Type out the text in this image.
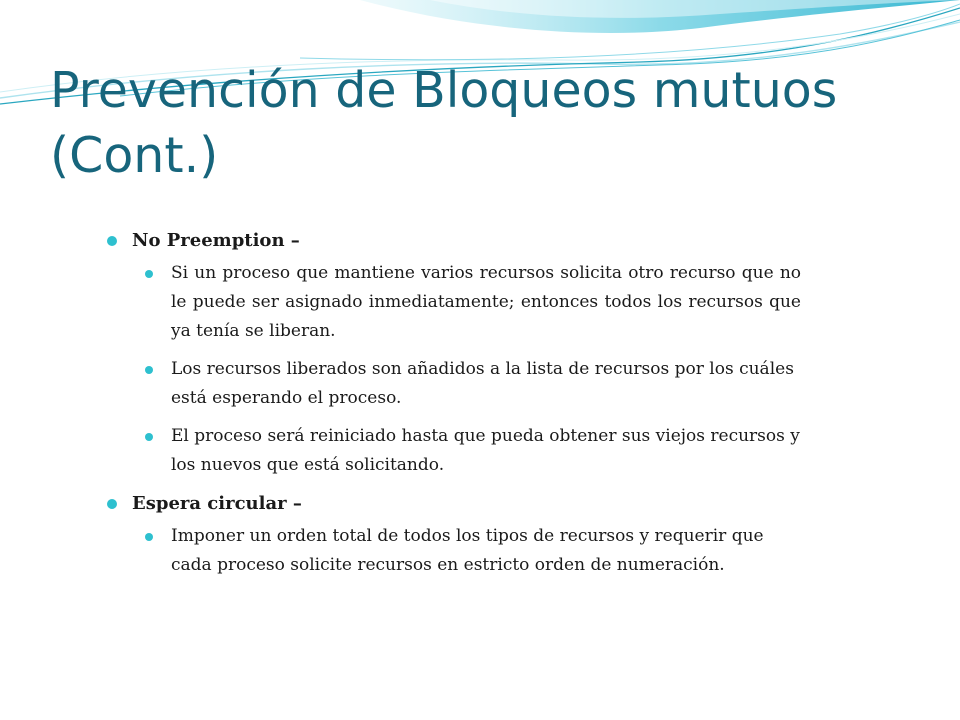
Prevención de Bloqueos mutuos
(Cont.)
No Preemption –
Si un proceso que mantiene varios recursos solicita otro recurso que no le puede ser asignado inmediatamente; entonces todos los recursos que ya tenía se liberan.
Los recursos liberados son añadidos a la lista de recursos por los cuáles está esperando el proceso.
El proceso será reiniciado hasta que pueda obtener sus viejos recursos y los nuevos que está solicitando.
Espera circular –
Imponer un orden total de todos los tipos de recursos y requerir que cada proceso solicite recursos en estricto orden de numeración.
